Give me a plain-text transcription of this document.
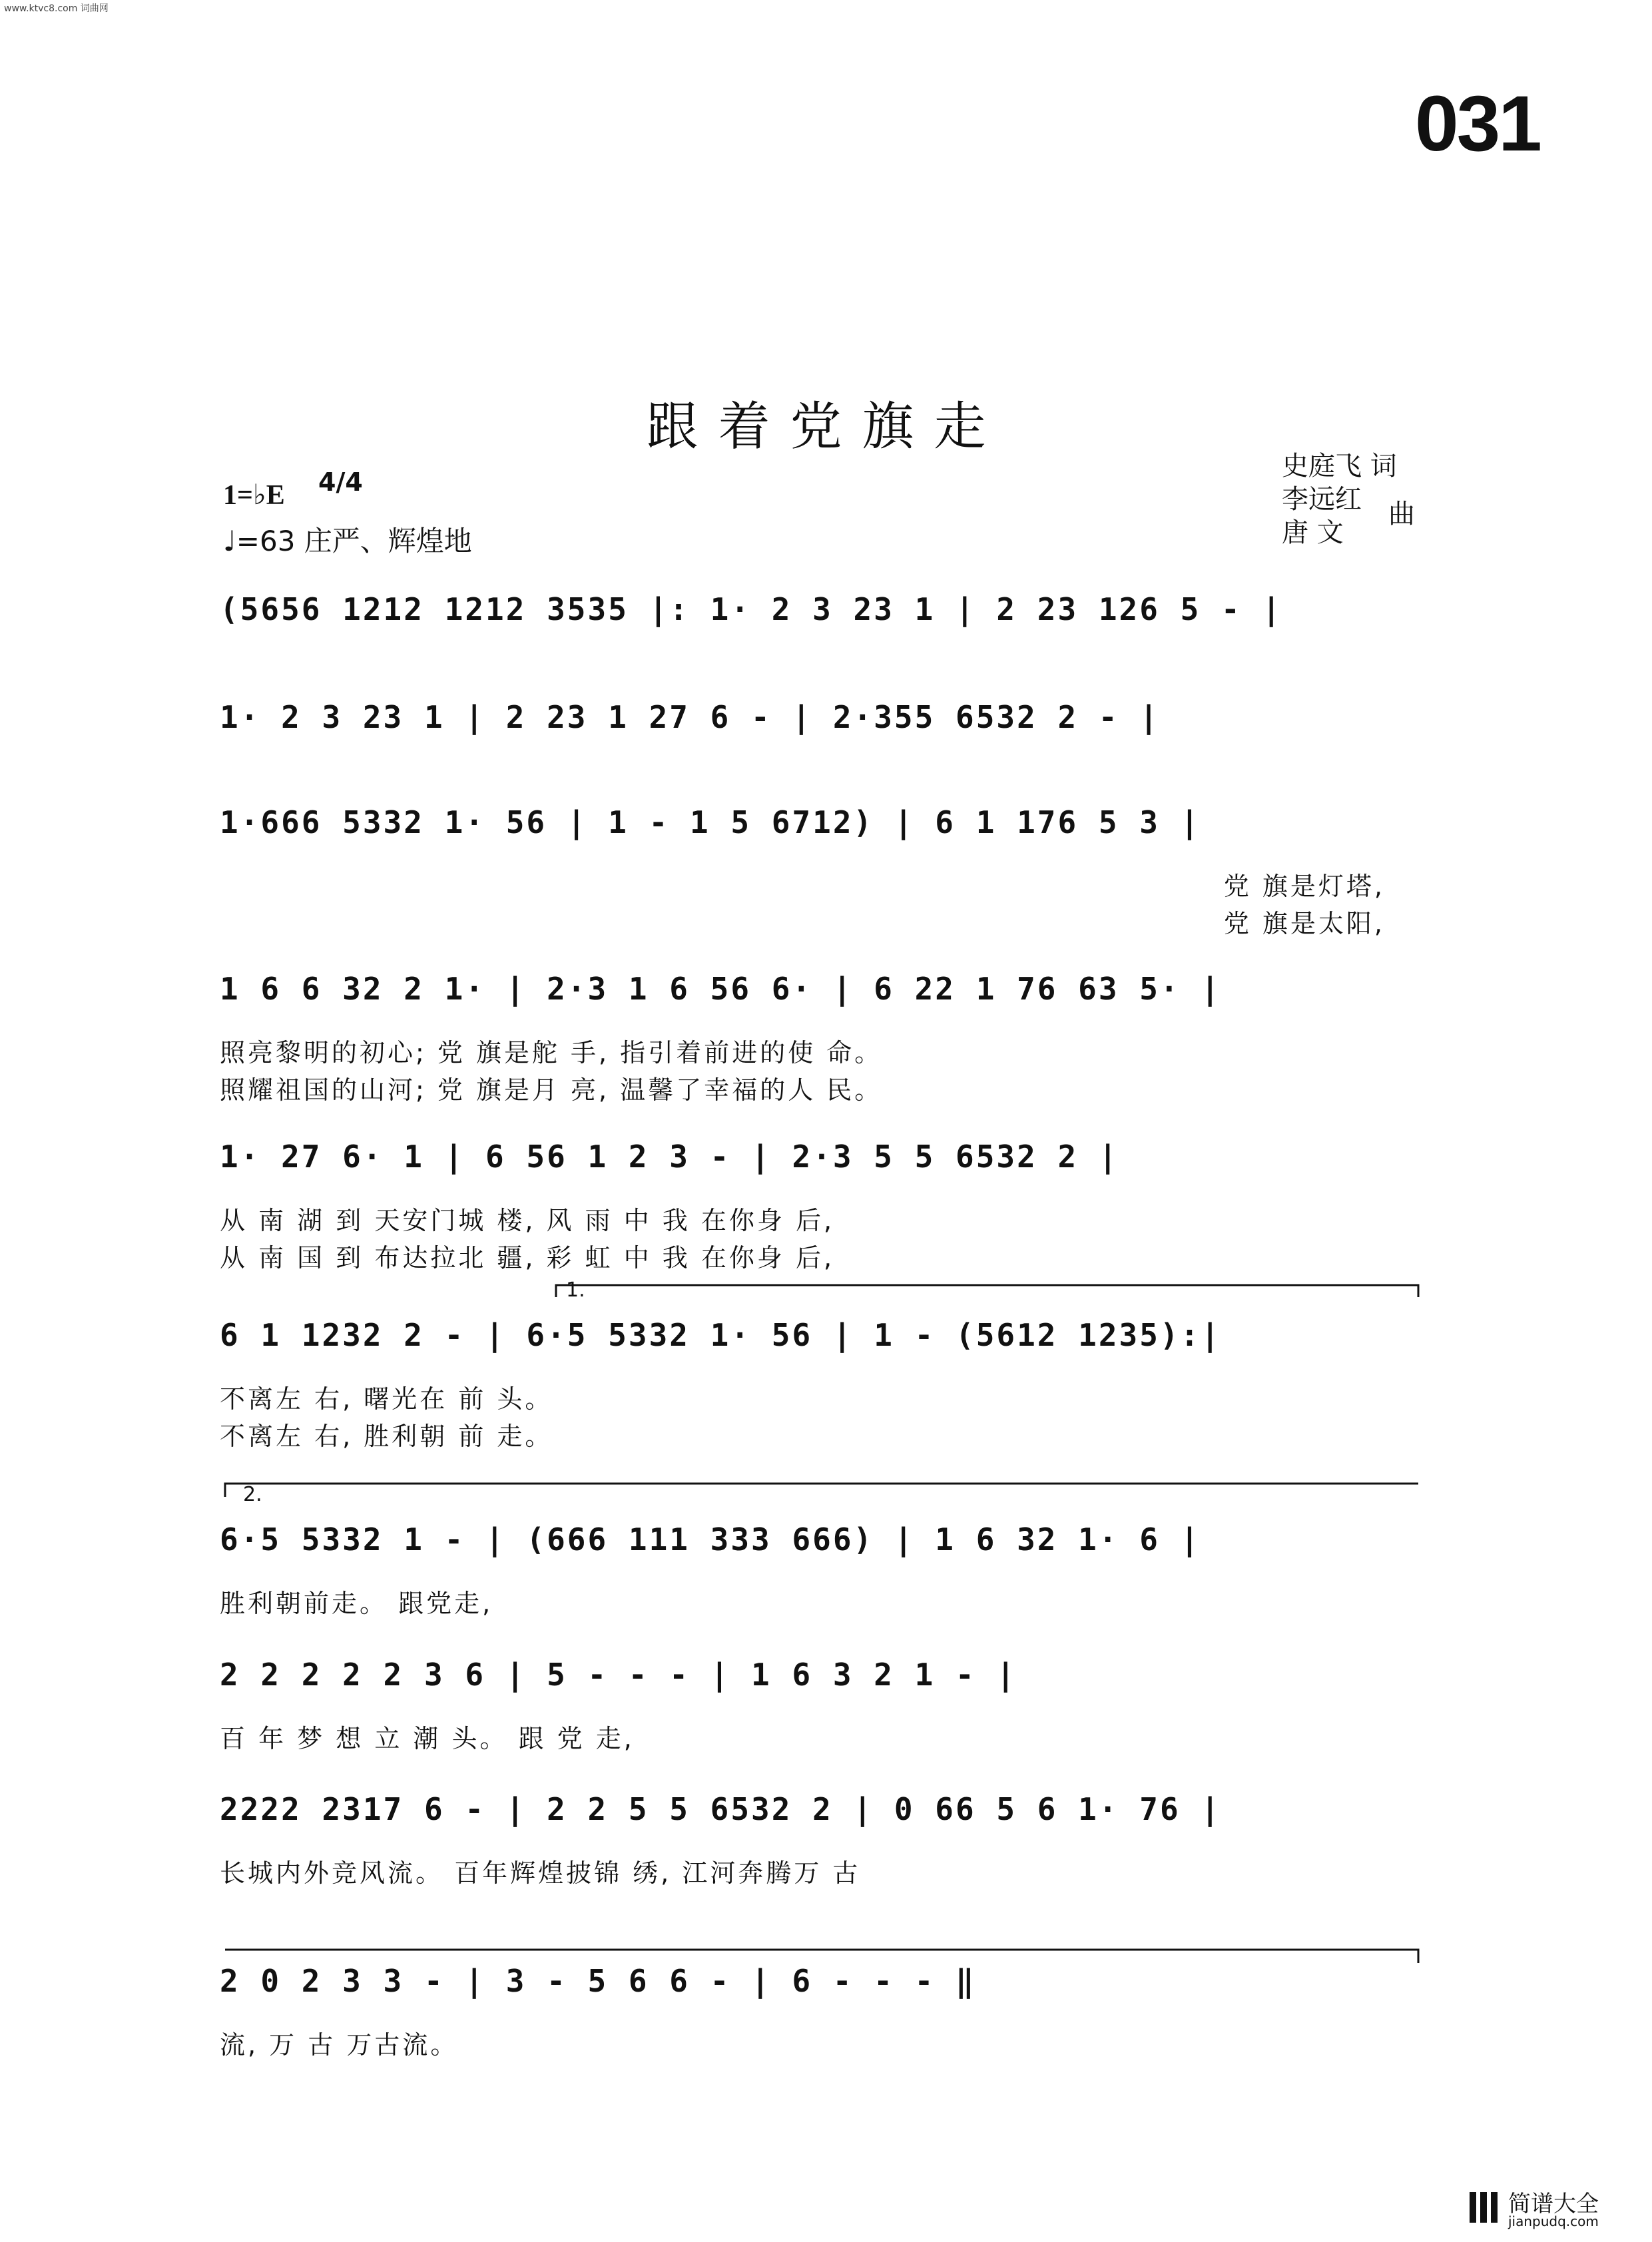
www.ktvc8.com 词曲网
031
跟着党旗走
史庭飞 词
李远红 曲
唐 文
1=♭E 4/4
♩=63 庄严、辉煌地
(5656 1212 1212 3535 |: 1· 2 3 23 1 | 2 23 126 5 - |
1· 2 3 23 1 | 2 23 1 27 6 - | 2·355 6532 2 - |
1·666 5332 1· 56 | 1 - 1 5 6712) | 6 1 176 5 3 |
党 旗是灯塔,
党 旗是太阳,
1 6 6 32 2 1· | 2·3 1 6 56 6· | 6 22 1 76 63 5· |
照亮黎明的初心; 党 旗是舵 手, 指引着前进的使 命。
照耀祖国的山河; 党 旗是月 亮, 温馨了幸福的人 民。
1· 27 6· 1 | 6 56 1 2 3 - | 2·3 5 5 6532 2 |
从 南 湖 到 天安门城 楼, 风 雨 中 我 在你身 后,
从 南 国 到 布达拉北 疆, 彩 虹 中 我 在你身 后,
1.
6 1 1232 2 - | 6·5 5332 1· 56 | 1 - (5612 1235):|
不离左 右, 曙光在 前 头。
不离左 右, 胜利朝 前 走。
2.
6·5 5332 1 - | (666 111 333 666) | 1 6 32 1· 6 |
胜利朝前走。 跟党走,
2 2 2 2 2 3 6 | 5 - - - | 1 6 3 2 1 - |
百 年 梦 想 立 潮 头。 跟 党 走,
2222 2317 6 - | 2 2 5 5 6532 2 | 0 66 5 6 1· 76 |
长城内外竞风流。 百年辉煌披锦 绣, 江河奔腾万 古
2 0 2 3 3 - | 3 - 5 6 6 - | 6 - - - ‖
流, 万 古 万古流。
简谱大全
jianpudq.com
